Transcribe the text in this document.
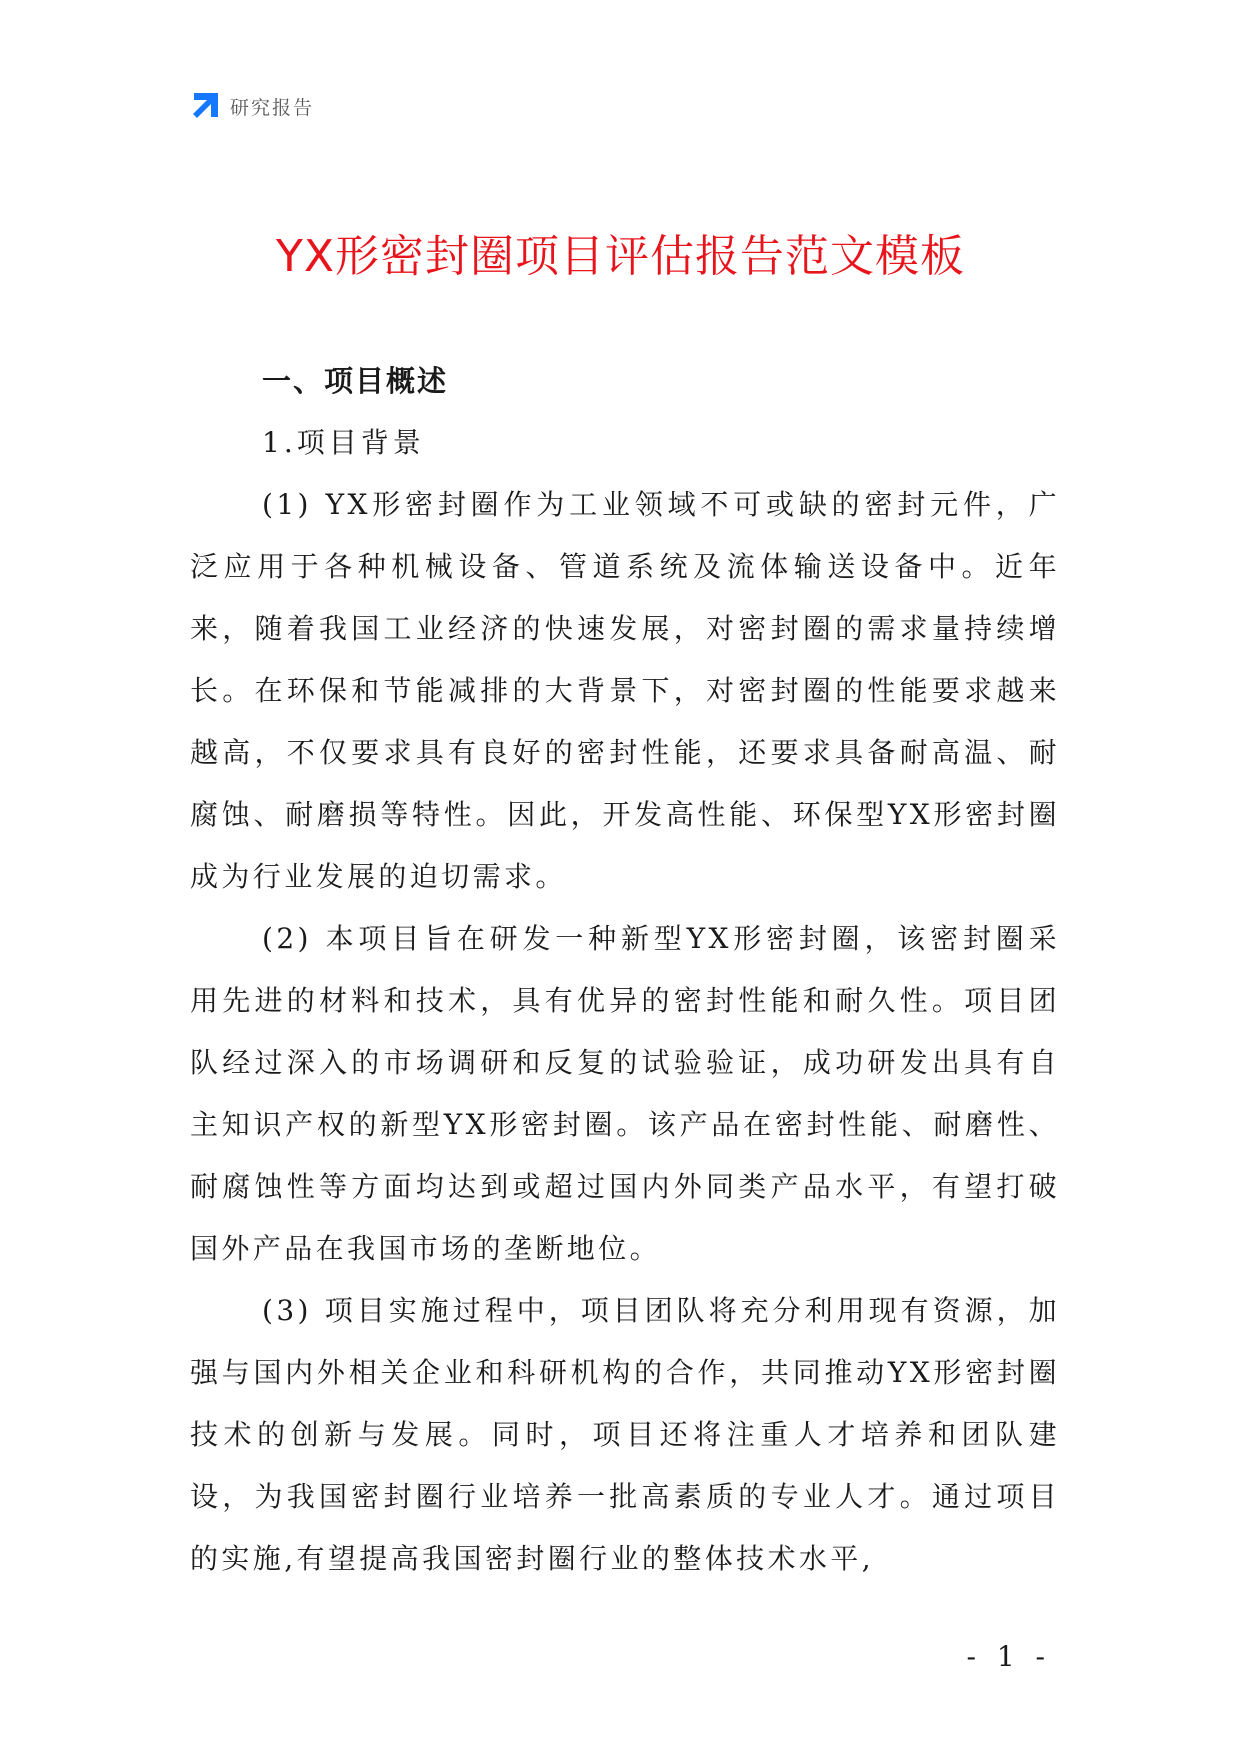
研究报告
YX形密封圈项目评估报告范文模板
一、项目概述
1.项目背景

(1) YX形密封圈作为工业领域不可或缺的密封元件，广泛应用于各种机械设备、管道系统及流体输送设备中。近年来，随着我国工业经济的快速发展，对密封圈的需求量持续增长。在环保和节能减排的大背景下，对密封圈的性能要求越来越高，不仅要求具有良好的密封性能，还要求具备耐高温、耐腐蚀、耐磨损等特性。因此，开发高性能、环保型YX形密封圈成为行业发展的迫切需求。

(2) 本项目旨在研发一种新型YX形密封圈，该密封圈采用先进的材料和技术，具有优异的密封性能和耐久性。项目团队经过深入的市场调研和反复的试验验证，成功研发出具有自主知识产权的新型YX形密封圈。该产品在密封性能、耐磨性、耐腐蚀性等方面均达到或超过国内外同类产品水平，有望打破国外产品在我国市场的垄断地位。

(3) 项目实施过程中，项目团队将充分利用现有资源，加强与国内外相关企业和科研机构的合作，共同推动YX形密封圈技术的创新与发展。同时，项目还将注重人才培养和团队建设，为我国密封圈行业培养一批高素质的专业人才。通过项目的实施,有望提高我国密封圈行业的整体技术水平,

- 1 -
